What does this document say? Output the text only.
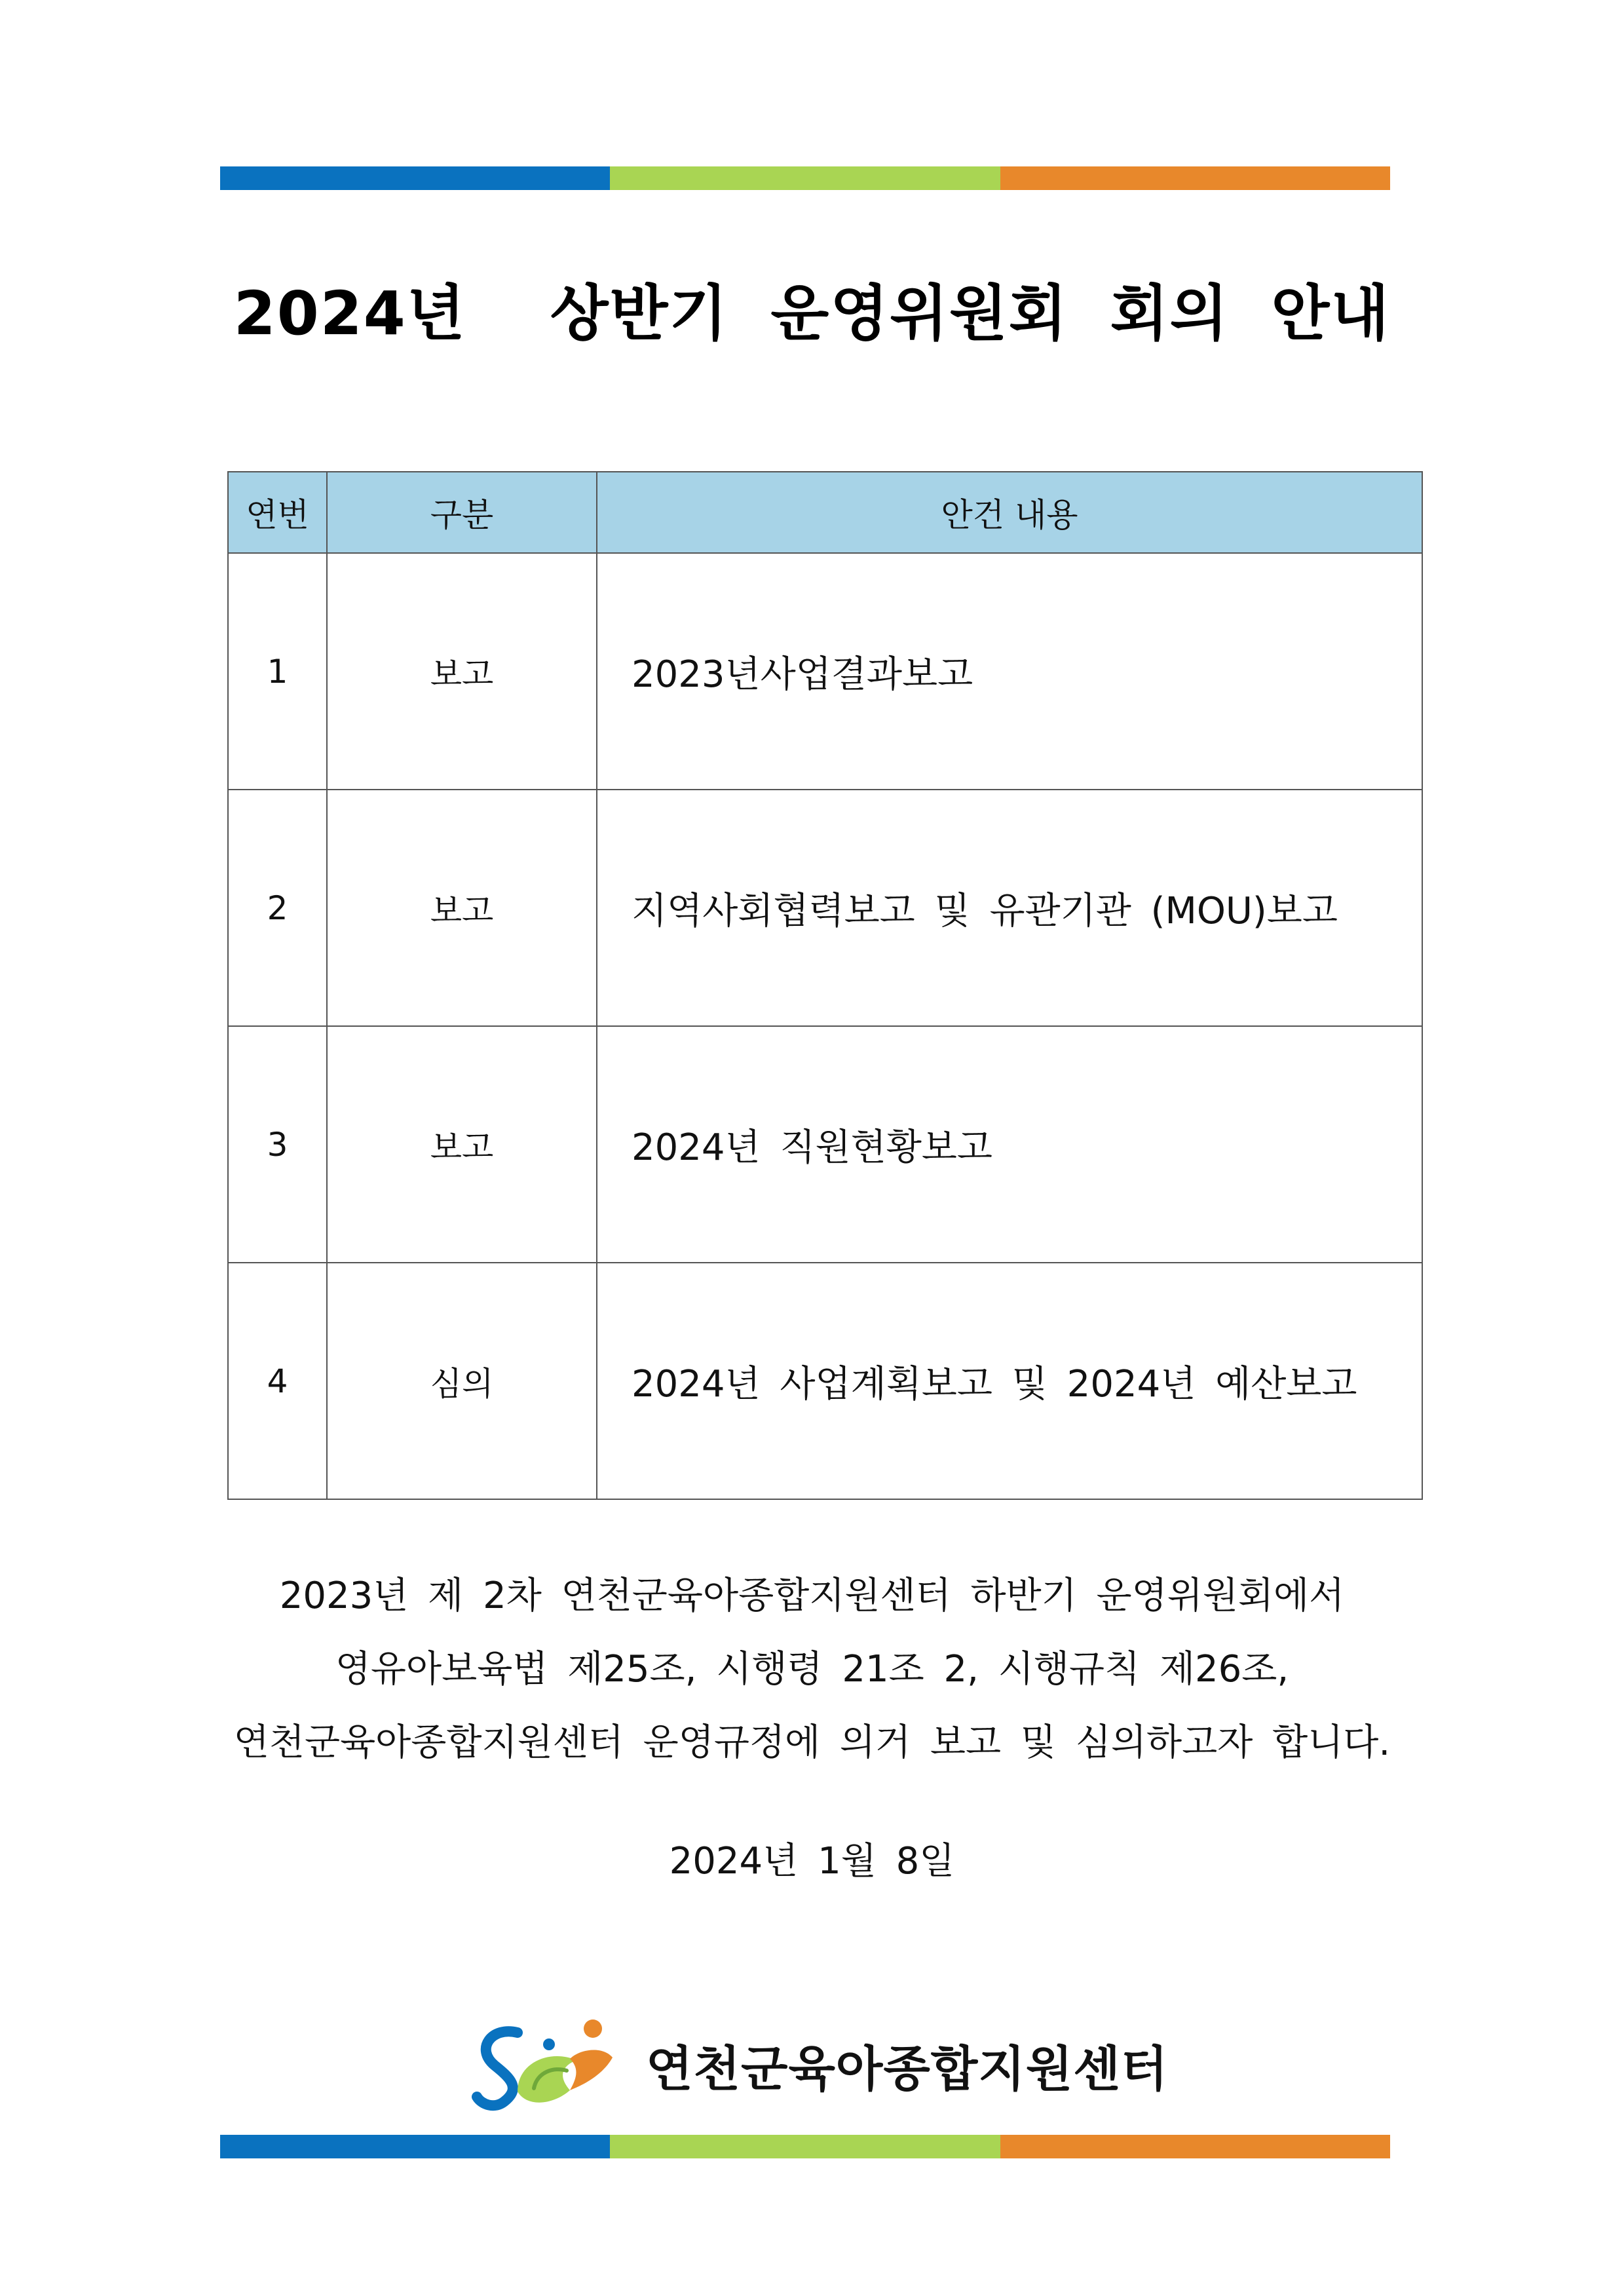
2024년  상반기 운영위원회 회의 안내
연번	구분	안건 내용
1	보고	2023년사업결과보고
2	보고	지역사회협력보고 및 유관기관 (MOU)보고
3	보고	2024년 직원현황보고
4	심의	2024년 사업계획보고 및 2024년 예산보고
2023년 제 2차 연천군육아종합지원센터 하반기 운영위원회에서
영유아보육법 제25조, 시행령 21조 2, 시행규칙 제26조,
연천군육아종합지원센터 운영규정에 의거 보고 및 심의하고자 합니다.
2024년 1월 8일
연천군육아종합지원센터
